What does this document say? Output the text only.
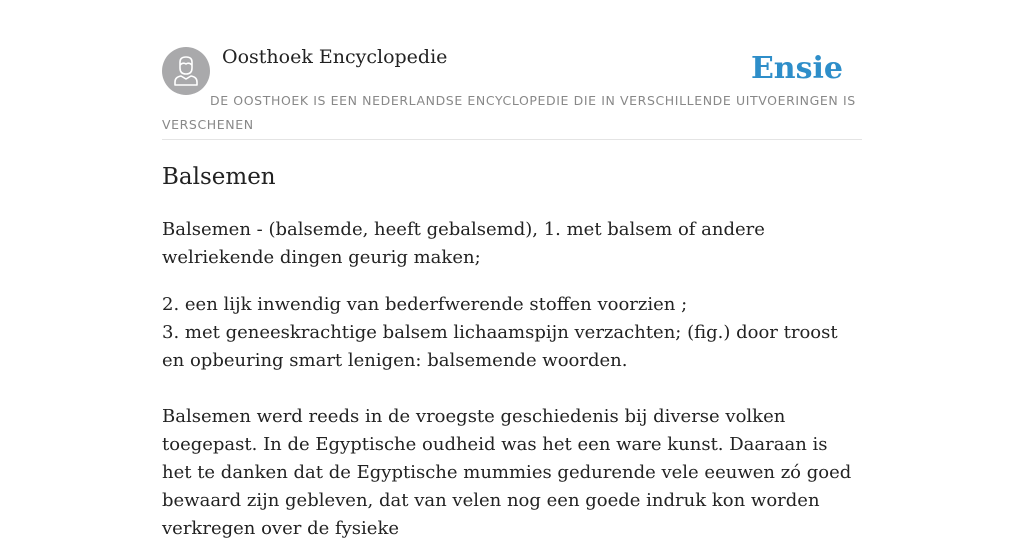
Oosthoek Encyclopedie	Ensie
DE OOSTHOEK IS EEN NEDERLANDSE ENCYCLOPEDIE DIE IN VERSCHILLENDE UITVOERINGEN IS VERSCHENEN
Balsemen

Balsemen - (balsemde, heeft gebalsemd), 1. met balsem of andere welriekende dingen geurig maken;

2. een lijk inwendig van bederfwerende stoffen voorzien ;

3. met geneeskrachtige balsem lichaamspijn verzachten; (fig.) door troost en opbeuring smart lenigen: balsemende woorden.

Balsemen werd reeds in de vroegste geschiedenis bij diverse volken toegepast. In de Egyptische oudheid was het een ware kunst. Daaraan is het te danken dat de Egyptische mummies gedurende vele eeuwen zó goed bewaard zijn gebleven, dat van velen nog een goede indruk kon worden verkregen over de fysieke
